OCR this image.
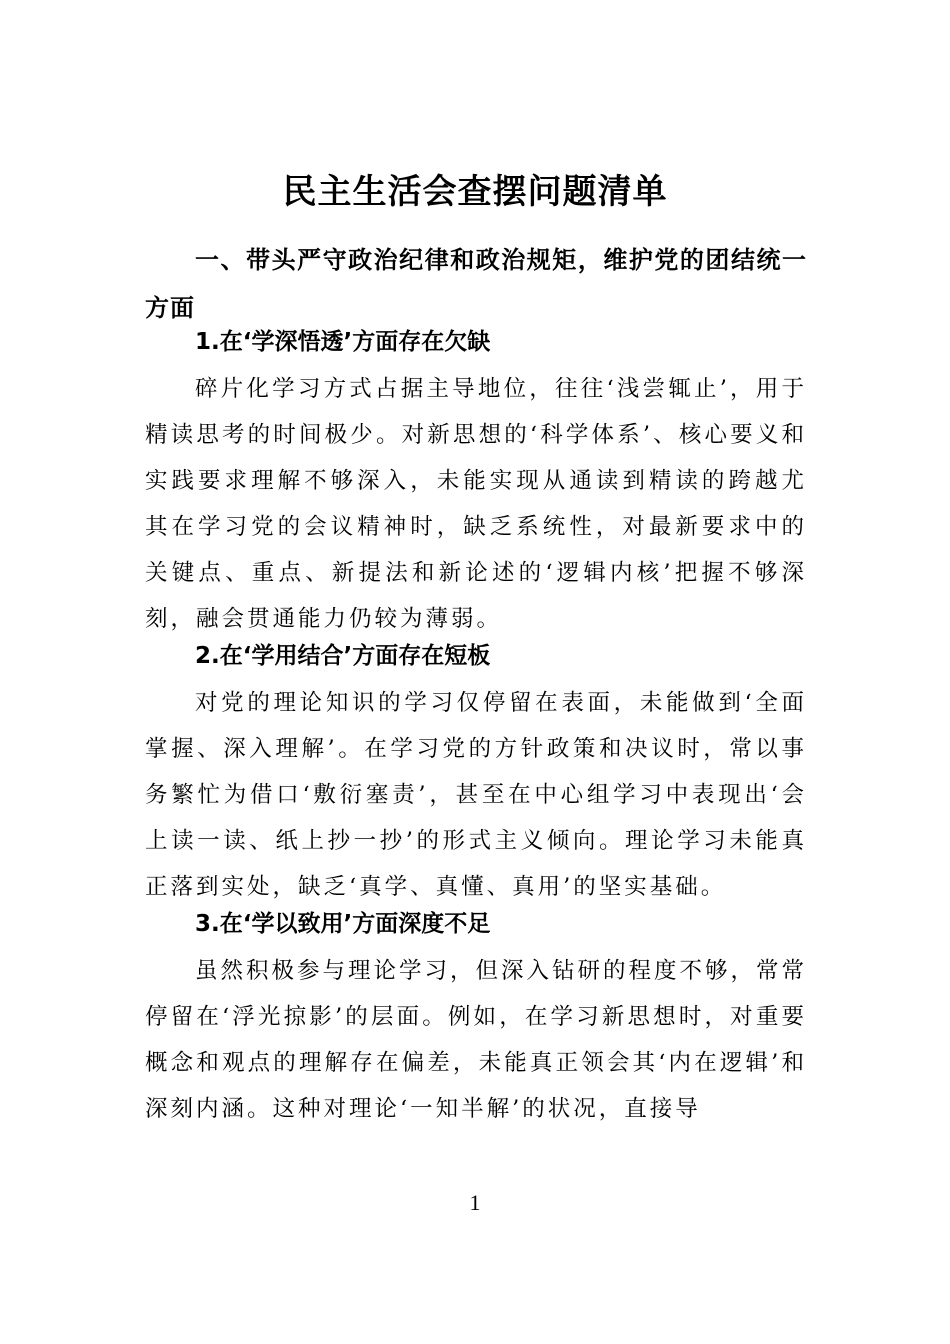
民主生活会查摆问题清单
一、带头严守政治纪律和政治规矩，维护党的团结统一方面
1.在‘学深悟透’方面存在欠缺

碎片化学习方式占据主导地位，往往‘浅尝辄止’，用于精读思考的时间极少。对新思想的‘科学体系’、核心要义和实践要求理解不够深入，未能实现从通读到精读的跨越尤其在学习党的会议精神时，缺乏系统性，对最新要求中的关键点、重点、新提法和新论述的‘逻辑内核’把握不够深刻，融会贯通能力仍较为薄弱。

2.在‘学用结合’方面存在短板

对党的理论知识的学习仅停留在表面，未能做到‘全面掌握、深入理解’。在学习党的方针政策和决议时，常以事务繁忙为借口‘敷衍塞责’，甚至在中心组学习中表现出‘会上读一读、纸上抄一抄’的形式主义倾向。理论学习未能真正落到实处，缺乏‘真学、真懂、真用’的坚实基础。

3.在‘学以致用’方面深度不足

虽然积极参与理论学习，但深入钻研的程度不够，常常停留在‘浮光掠影’的层面。例如，在学习新思想时，对重要概念和观点的理解存在偏差，未能真正领会其‘内在逻辑’和深刻内涵。这种对理论‘一知半解’的状况，直接导

1
